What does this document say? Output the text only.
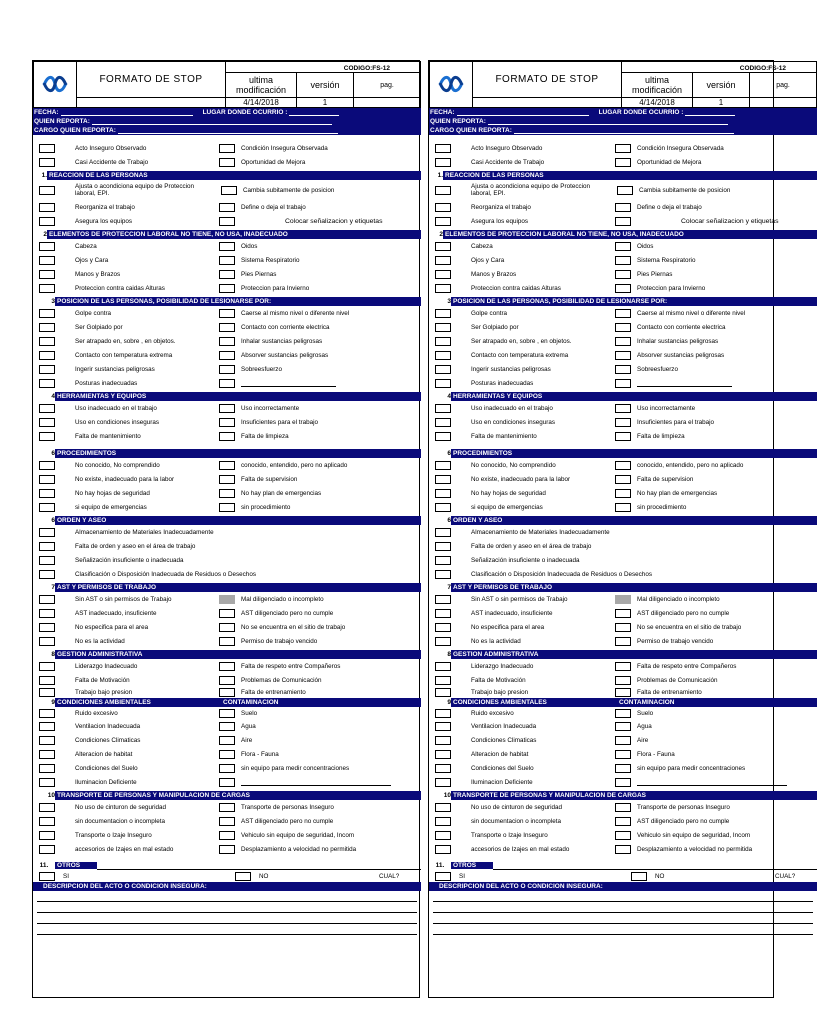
	FORMATO DE STOP	CODIGO:FS-12		
		ultima modificación	versión	pag.
		4/14/2018	1	
FECHA:	LUGAR DONDE OCURRIO :
QUIEN REPORTA:
CARGO QUIEN REPORTA:
Acto Inseguro Observado	Condición Insegura Observada
Casi Accidente de Trabajo	Oportunidad de Mejora
1. REACCION DE LAS PERSONAS
Ajusta o acondiciona equipo de Proteccion laboral, EPI.	Cambia subitamente de posicion
Reorganiza el trabajo	Define o deja el trabajo
Asegura los equipos	Colocar señalizacion y etiquetas
2 ELEMENTOS DE PROTECCION LABORAL NO TIENE, NO USA, INADECUADO
Cabeza	Oidos
Ojos y Cara	Sistema Respiratorio
Manos y Brazos	Pies Piernas
Proteccion contra caidas Alturas	Proteccion para Invierno
3 POSICION DE LAS PERSONAS, POSIBILIDAD DE LESIONARSE POR:
Golpe contra	Caerse al mismo nivel o diferente nivel
Ser Golpiado por	Contacto con corriente electrica
Ser atrapado en, sobre , en objetos.	Inhalar sustancias peligrosas
Contacto con temperatura extrema	Absorver sustancias peligrosas
Ingerir sustancias peligrosas	Sobreesfuerzo
Posturas inadecuadas
4 HERRAMIENTAS Y EQUIPOS
Uso inadecuado en el trabajo	Uso incorrectamente
Uso en condiciones inseguras	Insuficientes para el trabajo
Falta de mantenimiento	Falta de limpieza
6 PROCEDIMIENTOS
No conocido, No comprendido	conocido, entendido, pero no aplicado
No existe, inadecuado para la labor	Falta de supervision
No hay hojas de seguridad	No hay plan de emergencias
si equipo de emergencias	sin procedimiento
6 ORDEN Y ASEO
Almacenamiento de Materiales Inadecuadamente
Falta de orden y aseo en el área de trabajo
Señalización insuficiente o inadecuada
Clasificación o Disposición Inadecuada de Residuos o Desechos
7 AST Y PERMISOS DE TRABAJO
Sin AST o sin permisos de Trabajo	Mal diligenciado o incompleto
AST inadecuado, insuficiente	AST diligenciado pero no cumple
No especifica para el area	No se encuentra en el sitio de trabajo
No es la actividad	Permiso de trabajo vencido
8 GESTION ADMINISTRATIVA
Liderazgo Inadecuado	Falta de respeto entre Compañeros
Falta de Motivación	Problemas de Comunicación
Trabajo bajo presion	Falta de entrenamiento
9 CONDICIONES AMBIENTALES	CONTAMINACION
Ruido excesivo	Suelo
Ventilacion Inadecuada	Agua
Condiciones Climaticas	Aire
Alteracion de habitat	Flora - Fauna
Condiciones del Suelo	sin equipo para medir concentraciones
Iluminacion Deficiente
10 TRANSPORTE DE PERSONAS Y MANIPULACION DE CARGAS
No uso de cinturon de seguridad	Transporte de personas Inseguro
sin documentacion o incompleta	AST diligenciado pero no cumple
Transporte o Izaje Inseguro	Vehiculo sin equipo de seguridad, Incom
accesorios de Izajes en mal estado	Desplazamiento a velocidad no permitida
11.	OTROS
SI	NO	CUAL?
DESCRIPCION DEL ACTO O CONDICION INSEGURA:
	FORMATO DE STOP	CODIGO:FS-12		
		ultima modificación	versión	pag.
		4/14/2018	1	
FECHA:	LUGAR DONDE OCURRIO :
QUIEN REPORTA:
CARGO QUIEN REPORTA:
Acto Inseguro Observado	Condición Insegura Observada
Casi Accidente de Trabajo	Oportunidad de Mejora
1. REACCION DE LAS PERSONAS
Ajusta o acondiciona equipo de Proteccion laboral, EPI.	Cambia subitamente de posicion
Reorganiza el trabajo	Define o deja el trabajo
Asegura los equipos	Colocar señalizacion y etiquetas
2 ELEMENTOS DE PROTECCION LABORAL NO TIENE, NO USA, INADECUADO
Cabeza	Oidos
Ojos y Cara	Sistema Respiratorio
Manos y Brazos	Pies Piernas
Proteccion contra caidas Alturas	Proteccion para Invierno
3 POSICION DE LAS PERSONAS, POSIBILIDAD DE LESIONARSE POR:
Golpe contra	Caerse al mismo nivel o diferente nivel
Ser Golpiado por	Contacto con corriente electrica
Ser atrapado en, sobre , en objetos.	Inhalar sustancias peligrosas
Contacto con temperatura extrema	Absorver sustancias peligrosas
Ingerir sustancias peligrosas	Sobreesfuerzo
Posturas inadecuadas
4 HERRAMIENTAS Y EQUIPOS
Uso inadecuado en el trabajo	Uso incorrectamente
Uso en condiciones inseguras	Insuficientes para el trabajo
Falta de mantenimiento	Falta de limpieza
6 PROCEDIMIENTOS
No conocido, No comprendido	conocido, entendido, pero no aplicado
No existe, inadecuado para la labor	Falta de supervision
No hay hojas de seguridad	No hay plan de emergencias
si equipo de emergencias	sin procedimiento
6 ORDEN Y ASEO
Almacenamiento de Materiales Inadecuadamente
Falta de orden y aseo en el área de trabajo
Señalización insuficiente o inadecuada
Clasificación o Disposición Inadecuada de Residuos o Desechos
7 AST Y PERMISOS DE TRABAJO
Sin AST o sin permisos de Trabajo	Mal diligenciado o incompleto
AST inadecuado, insuficiente	AST diligenciado pero no cumple
No especifica para el area	No se encuentra en el sitio de trabajo
No es la actividad	Permiso de trabajo vencido
8 GESTION ADMINISTRATIVA
Liderazgo Inadecuado	Falta de respeto entre Compañeros
Falta de Motivación	Problemas de Comunicación
Trabajo bajo presion	Falta de entrenamiento
9 CONDICIONES AMBIENTALES	CONTAMINACION
Ruido excesivo	Suelo
Ventilacion Inadecuada	Agua
Condiciones Climaticas	Aire
Alteracion de habitat	Flora - Fauna
Condiciones del Suelo	sin equipo para medir concentraciones
Iluminacion Deficiente
10 TRANSPORTE DE PERSONAS Y MANIPULACION DE CARGAS
No uso de cinturon de seguridad	Transporte de personas Inseguro
sin documentacion o incompleta	AST diligenciado pero no cumple
Transporte o Izaje Inseguro	Vehiculo sin equipo de seguridad, Incom
accesorios de Izajes en mal estado	Desplazamiento a velocidad no permitida
11.	OTROS
SI	NO	CUAL?
DESCRIPCION DEL ACTO O CONDICION INSEGURA:
